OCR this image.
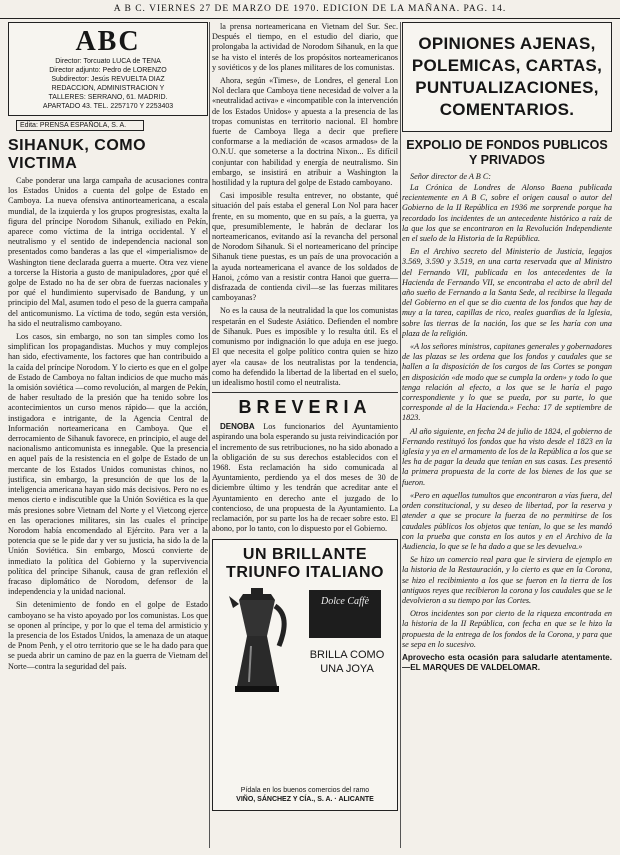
A B C. VIERNES 27 DE MARZO DE 1970. EDICION DE LA MAÑANA. PAG. 14.
ABC
Director: Torcuato LUCA de TENA
Director adjunto: Pedro de LORENZO
Subdirector: Jesús REVUELTA DIAZ
REDACCION, ADMINISTRACION Y
TALLERES: SERRANO, 61. MADRID.
APARTADO 43. TEL. 2257170 Y 2253403
Edita: PRENSA ESPAÑOLA, S. A.
SIHANUK, COMO VICTIMA

Cabe ponderar una larga campaña de acusaciones contra los Estados Unidos a cuenta del golpe de Estado en Camboya. La nueva ofensiva antinorteamericana, a escala mundial, de la izquierda y los grupos progresistas, exalta la figura del príncipe Norodom Sihanuk, exiliado en Pekín, aparece como víctima de la intriga occidental. Y el neutralismo y el sentido de independencia nacional son presentados como banderas a las que el «imperialismo» de Washington tiene declarada guerra a muerte. Otra vez viene a torcerse la Historia a gusto de manipuladores, ¿por qué el golpe de Estado no ha de ser obra de fuerzas nacionales y por qué el hundimiento supervisado de Bandung, y un principio del Mal, asumen todo el peso de la guerra campaña del anticomunismo. La víctima de todo, según esta versión, ha sido el neutralismo camboyano.

Los casos, sin embargo, no son tan simples como los simplifican los propagandistas. Muchos y muy complejos han sido, efectivamente, los factores que han contribuido a la caída del príncipe Norodom. Y lo cierto es que en el golpe de Estado de Camboya no faltan indicios de que mucho más la omisión soviética —como revolución, al margen de Pekín, de haber resultado de la presión que ha tenido sobre los acontecimientos un curso menos rápido— que la acción, instigadora e intrigante, de la Agencia Central de Información norteamericana en Camboya. Que el derrocamiento de Sihanuk favorece, en principio, el auge del nacionalismo anticomunista es innegable. Que la presencia en aquel país de la resistencia en el golpe de Estado de un mercante de los Estados Unidos comunistas chinos, no justifica, sin embargo, la presunción de que los de la inteligencia americana hayan sido más decisivos. Pero no es menos cierto e indiscutible que la Unión Soviética es la que más presiones sobre Vietnam del Norte y el Vietcong ejerce en las operaciones militares, sin las cuales el príncipe Norodom había encomendado al Ejército. Para ver a la potencia que se le pide dar y ver su justicia, ha sido la de la Unión Soviética. Sin embargo, Moscú convierte de inmediato la política del Gobierno y la supervivencia política del príncipe Sihanuk, causa de gran reflexión el fracaso diplomático de Norodom, defensor de la independencia y la unidad nacional.

Sin detenimiento de fondo en el golpe de Estado camboyano se ha visto apoyado por los comunistas. Los que se oponen al príncipe, y por lo que el tema del armisticio y la presencia de los Estados Unidos, la amenaza de un ataque de Pnom Penh, y el otro territorio que se le ha dado para que se pueda abrir un camino de paz en la guerra de Vietnam del Norte—contra la seguridad del país.

la prensa norteamericana en Vietnam del Sur. Sec. Después el tiempo, en el estudio del diario, que prolongaba la actividad de Norodom Sihanuk, en la que se ha visto el interés de los propósitos norteamericanos y soviéticos y de los planes militares de los comunistas.

Ahora, según «Times», de Londres, el general Lon Nol declara que Camboya tiene necesidad de volver a la «neutralidad activa» e «incompatible con la intervención de los Estados Unidos» y apuesta a la presencia de las tropas comunistas en territorio nacional. El hombre fuerte de Camboya llega a decir que prefiere conformarse a la mediación de «casos armados» de la O.N.U. que someterse a la doctrina Nixon... Es difícil conjuntar con habilidad y energía de neutralismo. Sin embargo, se insistirá en atribuir a Washington la hostilidad y la ruptura del golpe de Estado camboyano.

Casi imposible resulta entrever, no obstante, qué situación del país estaba el general Lon Nol para hacer frente, en su momento, que en su país, a la guerra, ya que, presumiblemente, le habrán de declarar los norteamericanos, evitando así la revancha del personal de Norodom Sihanuk. Si el norteamericano del príncipe Sihanuk tiene puestas, es un país de una provocación a la ayuda norteamericana el avance de los soldados de Hanoi, ¿cómo van a resistir contra Hanoi que guerra—disfrazada de contienda civil—se las fuerzas militares camboyanas?

No es la causa de la neutralidad la que los comunistas respetarán en el Sudeste Asiático. Defienden el nombre de Sihanuk. Pues es imposible y lo resulta útil. Es el comunismo por indignación lo que aduja en ese juego. El que necesita el golpe político contra quien se hizo ayer «la causa» de los neutralistas por la tendencia, como ha defendido la libertad de la libertad en el suelo, un idealismo hostil como el neutralista.

BREVERIA

DENOBA Los funcionarios del Ayuntamiento aspirando una bola esperando su justa reivindicación por el incremento de sus retribuciones, no ha sido abonado a la obligación de su sus derechos establecidos con el 1968. Esta reclamación ha sido comunicada al Ayuntamiento, perdiendo ya el dos meses de 30 de diciembre último y les tendrán que acreditar ante el Ayuntamiento en derecho ante el juzgado de lo contencioso, de una propuesta de la Ayuntamiento. La reclamación, por su parte los ha de recaer sobre esto. El abono, por lo tanto, con lo dispuesto por el Gobierno.

UN BRILLANTE
TRIUNFO ITALIANO
Dolce Caffè
BRILLA COMO
UNA JOYA
Pídala en los buenos comercios del ramo
VIÑO, SÁNCHEZ Y CÍA., S. A. · ALICANTE
OPINIONES AJENAS,
POLEMICAS, CARTAS,
PUNTUALIZACIONES,
COMENTARIOS.
EXPOLIO DE FONDOS PUBLICOS Y PRIVADOS

Señor director de A B C:

La Crónica de Londres de Alonso Baena publicada recientemente en A B C, sobre el origen causal o autor del Gobierno de la II República en 1936 me sorprende porque ha recordado los incidentes de un antecedente histórico a raíz de la que los que se encontraron en la Revolución Independiente en el suelo de la Historia de la República.

En el Archivo secreto del Ministerio de Justicia, legajos 3.569, 3.590 y 3.519, en una carta reservada que al Ministro del Fernando VII, publicada en los antecedentes de la Hacienda de Fernando VII, se encontraba el acto de abril del año sueño de Fernando a la Santa Sede, al recibirse la llegada del Gobierno en el que se dio cuenta de los fondos que hay de muy a la tarea, capillas de rico, reales guardias de la Iglesia, sobre las tierras de la nación, los que se les haría con una plaza de la religión.

«A los señores ministros, capitanes generales y gobernadores de las plazas se les ordena que los fondos y caudales que se hallen a la disposición de los cargos de las Cortes se pongan en disposición «de modo que se cumpla la orden» y todo lo que tenga relación al efecto, a los que se le haría el pago correspondiente y lo que se pueda, por su parte, lo que corresponde al de la Hacienda.» Fecha: 17 de septiembre de 1823.

Al año siguiente, en fecha 24 de julio de 1824, el gobierno de Fernando restituyó los fondos que ha visto desde el 1823 en la iglesia y ya en el armamento de los de la República a los que se les ha de pagar la deuda que tenían en sus casas. Les presentó la primera propuesta de la corte de los bienes de los que se fueron.

«Pero en aquellos tumultos que encontraron a vías fuera, del orden constitucional, y su deseo de libertad, por la reserva y atender a que se procure la fuerza de no permitirse de los caudales públicos los objetos que tenían, lo que se les mandó con la prueba que consta en los autos y en el Archivo de la Audiencia, lo que se le ha dado a que se les devuelva.»

Se hizo un comercio real para que le sirviera de ejemplo en la historia de la Restauración, y lo cierto es que en la Corona, se hizo el recibimiento a los que se fueron en la tierra de los antiguos reyes que recibieron la corona y los caudales que se le devolvieron a su tiempo por las Cortes.

Otros incidentes son por cierto de la riqueza encontrada en la historia de la II República, con fecha en que se le hizo la propuesta de la entrega de los fondos de la Corona, y para que se sepa en lo sucesivo.

Aprovecho esta ocasión para saludarle atentamente.—EL MARQUES DE VALDELOMAR.
